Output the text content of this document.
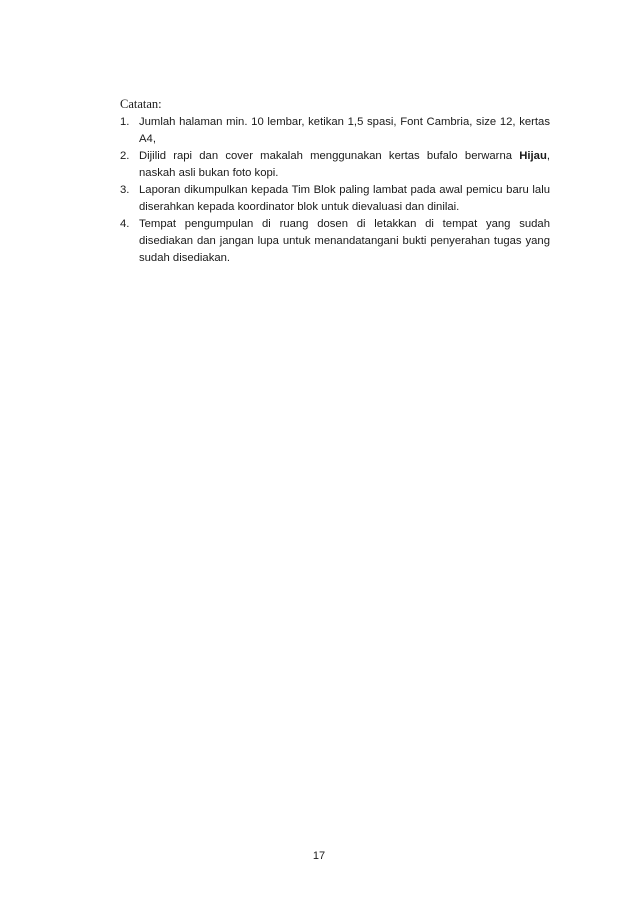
Catatan:
1. Jumlah halaman min. 10 lembar, ketikan 1,5 spasi, Font Cambria, size 12, kertas A4,
2. Dijilid rapi dan cover makalah menggunakan kertas bufalo berwarna Hijau, naskah asli bukan foto kopi.
3. Laporan dikumpulkan kepada Tim Blok paling lambat pada awal pemicu baru lalu diserahkan kepada koordinator blok untuk dievaluasi dan dinilai.
4. Tempat pengumpulan di ruang dosen di letakkan di tempat yang sudah disediakan dan jangan lupa untuk menandatangani bukti penyerahan tugas yang sudah disediakan.
17
